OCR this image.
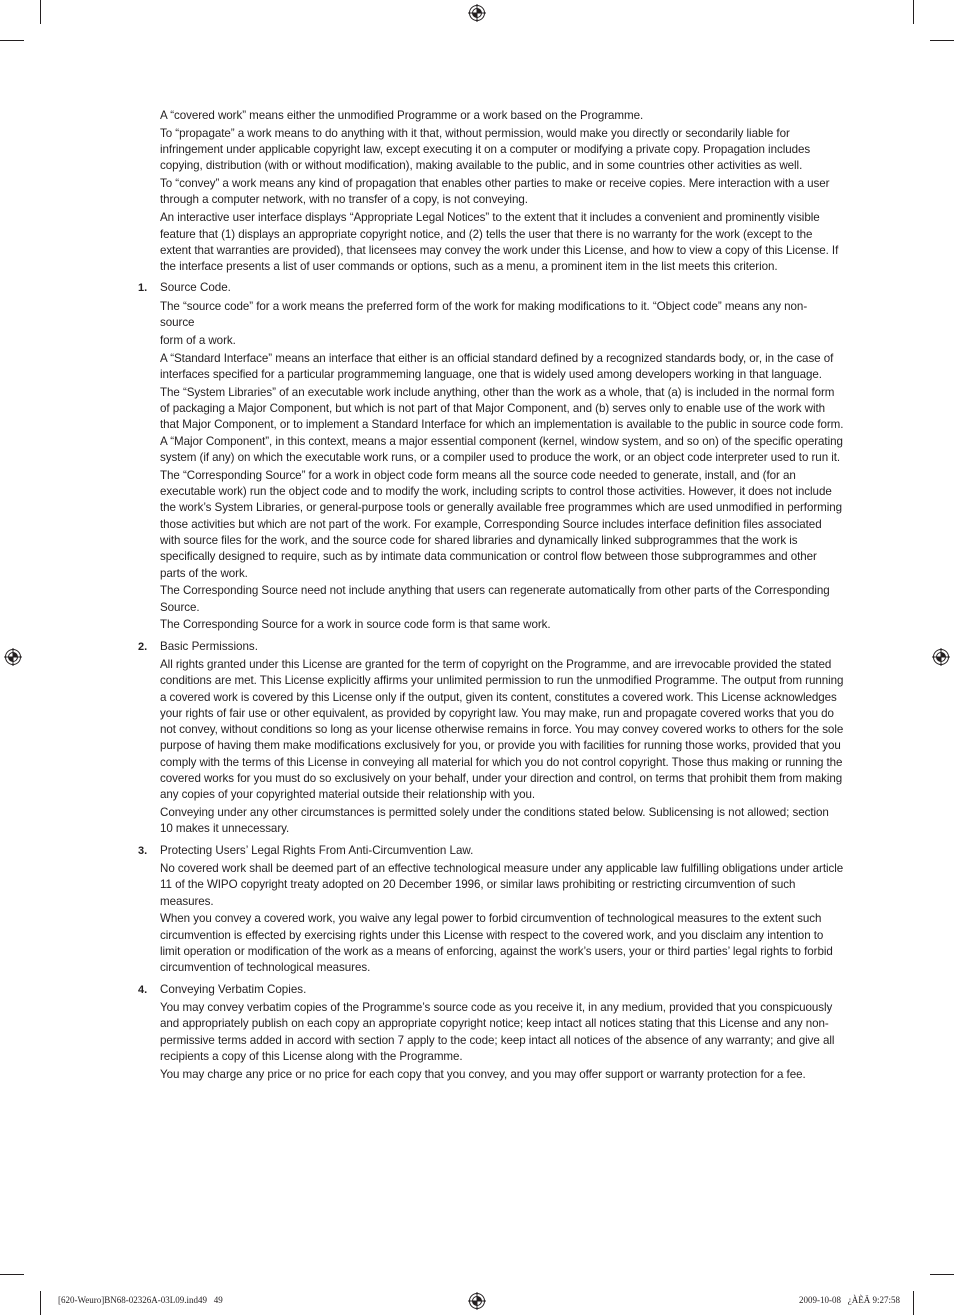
A “covered work” means either the unmodified Programme or a work based on the Programme.

To “propagate” a work means to do anything with it that, without permission, would make you directly or secondarily liable for infringement under applicable copyright law, except executing it on a computer or modifying a private copy. Propagation includes copying, distribution (with or without modification), making available to the public, and in some countries other activities as well.

To “convey” a work means any kind of propagation that enables other parties to make or receive copies. Mere interaction with a user through a computer network, with no transfer of a copy, is not conveying.

An interactive user interface displays “Appropriate Legal Notices” to the extent that it includes a convenient and prominently visible feature that (1) displays an appropriate copyright notice, and (2) tells the user that there is no warranty for the work (except to the extent that warranties are provided), that licensees may convey the work under this License, and how to view a copy of this License. If the interface presents a list of user commands or options, such as a menu, a prominent item in the list meets this criterion.

1. Source Code.

The “source code” for a work means the preferred form of the work for making modifications to it. “Object code” means any non-source

form of a work.

A “Standard Interface” means an interface that either is an official standard defined by a recognized standards body, or, in the case of interfaces specified for a particular programmeming language, one that is widely used among developers working in that language.

The “System Libraries” of an executable work include anything, other than the work as a whole, that (a) is included in the normal form of packaging a Major Component, but which is not part of that Major Component, and (b) serves only to enable use of the work with that Major Component, or to implement a Standard Interface for which an implementation is available to the public in source code form. A “Major Component”, in this context, means a major essential component (kernel, window system, and so on) of the specific operating system (if any) on which the executable work runs, or a compiler used to produce the work, or an object code interpreter used to run it.

The “Corresponding Source” for a work in object code form means all the source code needed to generate, install, and (for an executable work) run the object code and to modify the work, including scripts to control those activities. However, it does not include the work’s System Libraries, or general-purpose tools or generally available free programmes which are used unmodified in performing those activities but which are not part of the work. For example, Corresponding Source includes interface definition files associated with source files for the work, and the source code for shared libraries and dynamically linked subprogrammes that the work is specifically designed to require, such as by intimate data communication or control flow between those subprogrammes and other parts of the work.

The Corresponding Source need not include anything that users can regenerate automatically from other parts of the Corresponding Source.

The Corresponding Source for a work in source code form is that same work.

2. Basic Permissions.

All rights granted under this License are granted for the term of copyright on the Programme, and are irrevocable provided the stated conditions are met. This License explicitly affirms your unlimited permission to run the unmodified Programme. The output from running a covered work is covered by this License only if the output, given its content, constitutes a covered work. This License acknowledges your rights of fair use or other equivalent, as provided by copyright law. You may make, run and propagate covered works that you do not convey, without conditions so long as your license otherwise remains in force. You may convey covered works to others for the sole purpose of having them make modifications exclusively for you, or provide you with facilities for running those works, provided that you comply with the terms of this License in conveying all material for which you do not control copyright. Those thus making or running the covered works for you must do so exclusively on your behalf, under your direction and control, on terms that prohibit them from making any copies of your copyrighted material outside their relationship with you.

Conveying under any other circumstances is permitted solely under the conditions stated below. Sublicensing is not allowed; section 10 makes it unnecessary.

3. Protecting Users’ Legal Rights From Anti-Circumvention Law.

No covered work shall be deemed part of an effective technological measure under any applicable law fulfilling obligations under article 11 of the WIPO copyright treaty adopted on 20 December 1996, or similar laws prohibiting or restricting circumvention of such measures.

When you convey a covered work, you waive any legal power to forbid circumvention of technological measures to the extent such circumvention is effected by exercising rights under this License with respect to the covered work, and you disclaim any intention to limit operation or modification of the work as a means of enforcing, against the work’s users, your or third parties’ legal rights to forbid circumvention of technological measures.

4. Conveying Verbatim Copies.

You may convey verbatim copies of the Programme’s source code as you receive it, in any medium, provided that you conspicuously and appropriately publish on each copy an appropriate copyright notice; keep intact all notices stating that this License and any non-permissive terms added in accord with section 7 apply to the code; keep intact all notices of the absence of any warranty; and give all recipients a copy of this License along with the Programme.

You may charge any price or no price for each copy that you convey, and you may offer support or warranty protection for a fee.

[620-Weuro]BN68-02326A-03L09.ind49   49	2009-10-08   ¿ÀÈÄ 9:27:58
